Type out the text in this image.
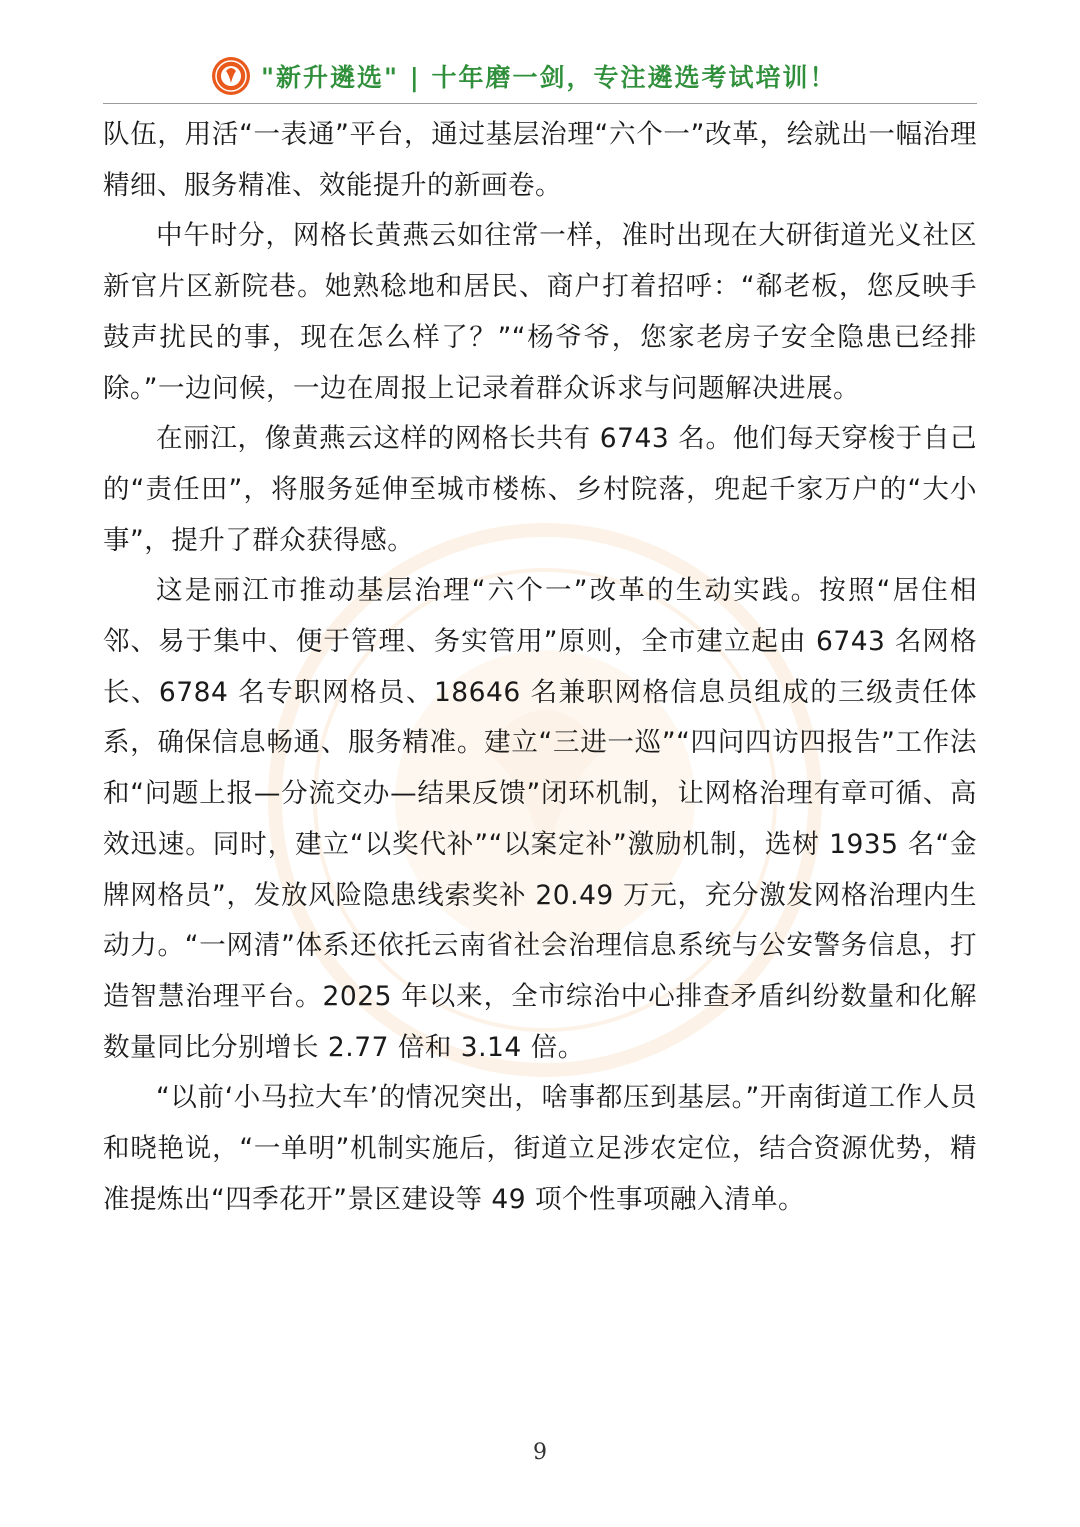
"新升遴选" | 十年磨一剑，专注遴选考试培训！

队伍，用活“一表通”平台，通过基层治理“六个一”改革，绘就出一幅治理精细、服务精准、效能提升的新画卷。

中午时分，网格长黄燕云如往常一样，准时出现在大研街道光义社区新官片区新院巷。她熟稔地和居民、商户打着招呼：“郗老板，您反映手鼓声扰民的事，现在怎么样了？”“杨爷爷，您家老房子安全隐患已经排除。”一边问候，一边在周报上记录着群众诉求与问题解决进展。

在丽江，像黄燕云这样的网格长共有 6743 名。他们每天穿梭于自己的“责任田”，将服务延伸至城市楼栋、乡村院落，兜起千家万户的“大小事”，提升了群众获得感。

这是丽江市推动基层治理“六个一”改革的生动实践。按照“居住相邻、易于集中、便于管理、务实管用”原则，全市建立起由 6743 名网格长、6784 名专职网格员、18646 名兼职网格信息员组成的三级责任体系，确保信息畅通、服务精准。建立“三进一巡”“四问四访四报告”工作法和“问题上报—分流交办—结果反馈”闭环机制，让网格治理有章可循、高效迅速。同时，建立“以奖代补”“以案定补”激励机制，选树 1935 名“金牌网格员”，发放风险隐患线索奖补 20.49 万元，充分激发网格治理内生动力。“一网清”体系还依托云南省社会治理信息系统与公安警务信息，打造智慧治理平台。2025 年以来，全市综治中心排查矛盾纠纷数量和化解数量同比分别增长 2.77 倍和 3.14 倍。

“以前‘小马拉大车’的情况突出，啥事都压到基层。”开南街道工作人员和晓艳说，“一单明”机制实施后，街道立足涉农定位，结合资源优势，精准提炼出“四季花开”景区建设等 49 项个性事项融入清单。

9
